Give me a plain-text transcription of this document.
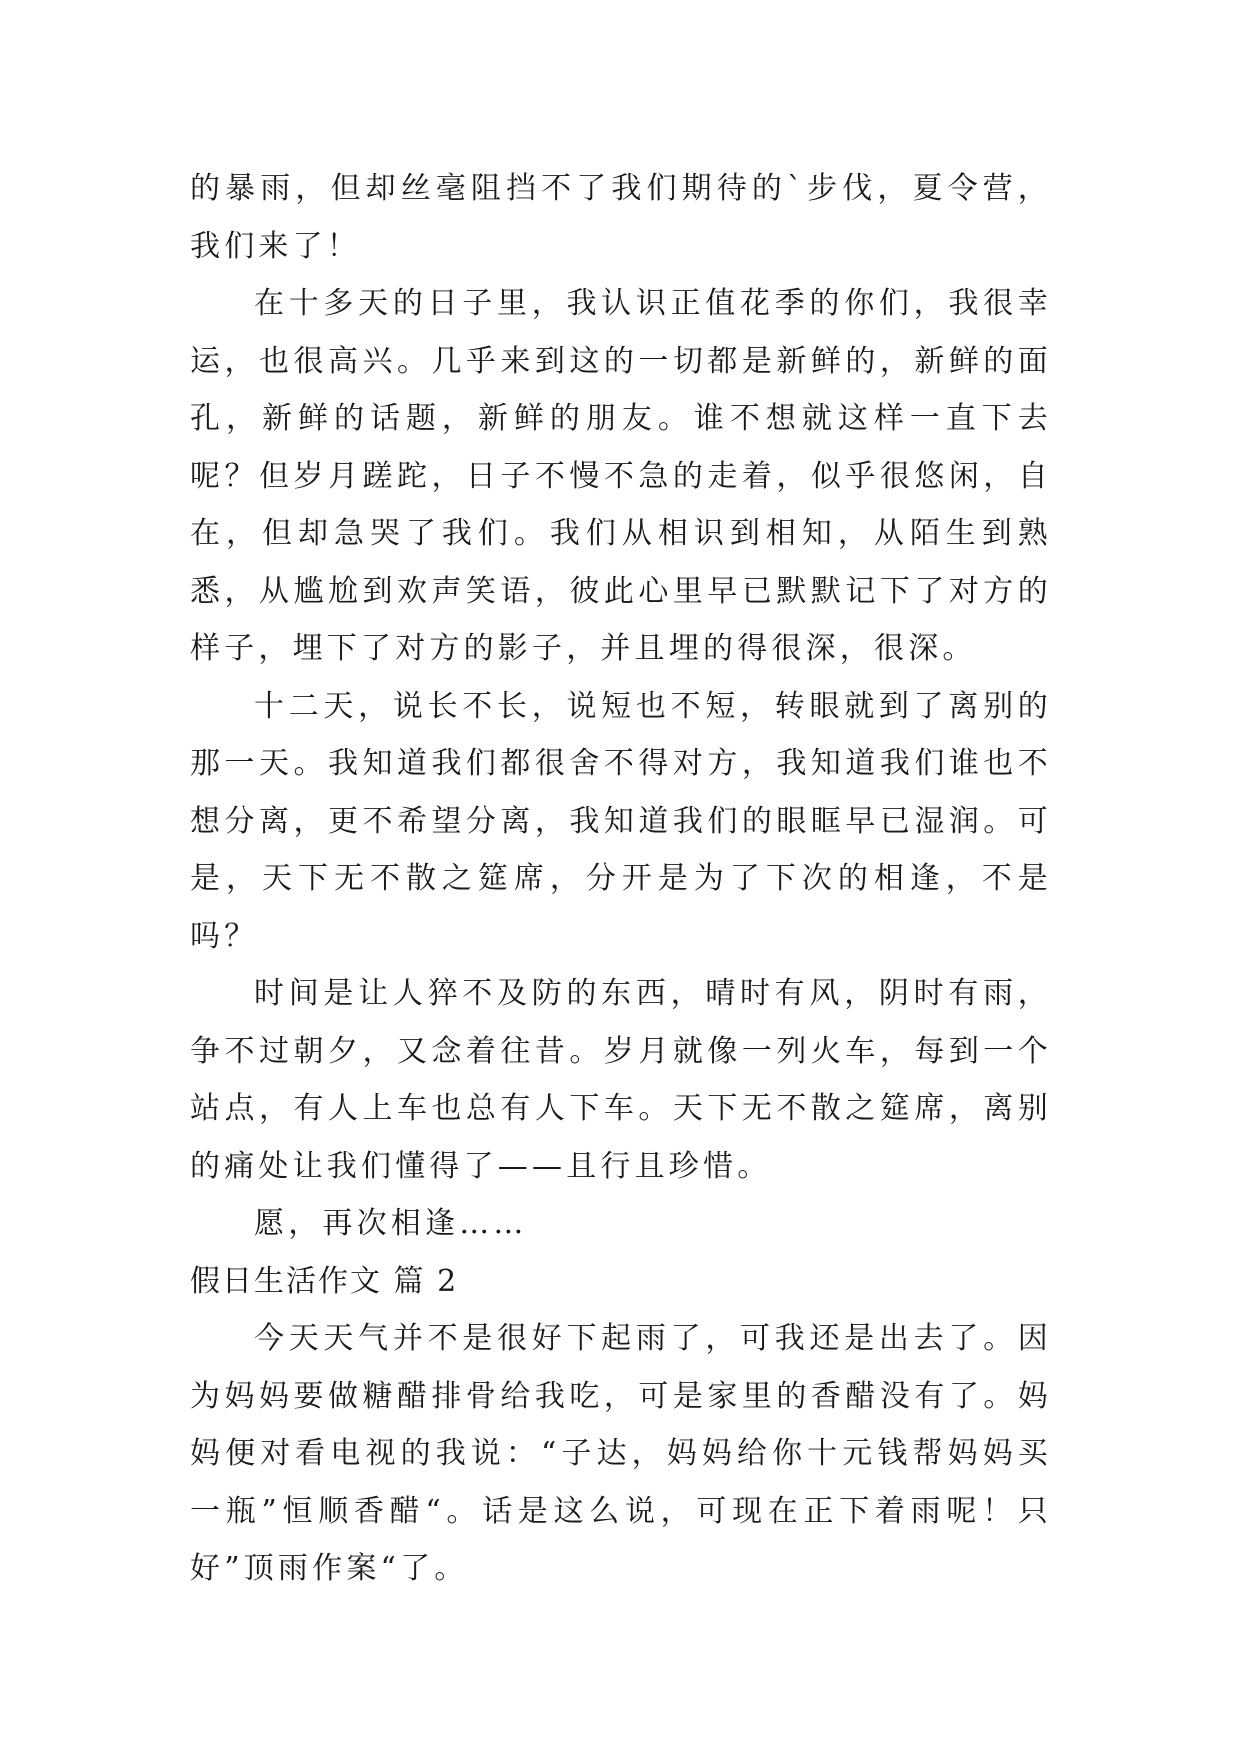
的暴雨，但却丝毫阻挡不了我们期待的`步伐，夏令营，我们来了！

在十多天的日子里，我认识正值花季的你们，我很幸运，也很高兴。几乎来到这的一切都是新鲜的，新鲜的面孔，新鲜的话题，新鲜的朋友。谁不想就这样一直下去呢？但岁月蹉跎，日子不慢不急的走着，似乎很悠闲，自在，但却急哭了我们。我们从相识到相知，从陌生到熟悉，从尴尬到欢声笑语，彼此心里早已默默记下了对方的样子，埋下了对方的影子，并且埋的得很深，很深。

十二天，说长不长，说短也不短，转眼就到了离别的那一天。我知道我们都很舍不得对方，我知道我们谁也不想分离，更不希望分离，我知道我们的眼眶早已湿润。可是，天下无不散之筵席，分开是为了下次的相逢，不是吗？

时间是让人猝不及防的东西，晴时有风，阴时有雨，争不过朝夕，又念着往昔。岁月就像一列火车，每到一个站点，有人上车也总有人下车。天下无不散之筵席，离别的痛处让我们懂得了——且行且珍惜。

愿，再次相逢……

假日生活作文 篇 2

今天天气并不是很好下起雨了，可我还是出去了。因为妈妈要做糖醋排骨给我吃，可是家里的香醋没有了。妈妈便对看电视的我说：“子达，妈妈给你十元钱帮妈妈买一瓶”恒顺香醋“。话是这么说，可现在正下着雨呢！只好”顶雨作案“了。
